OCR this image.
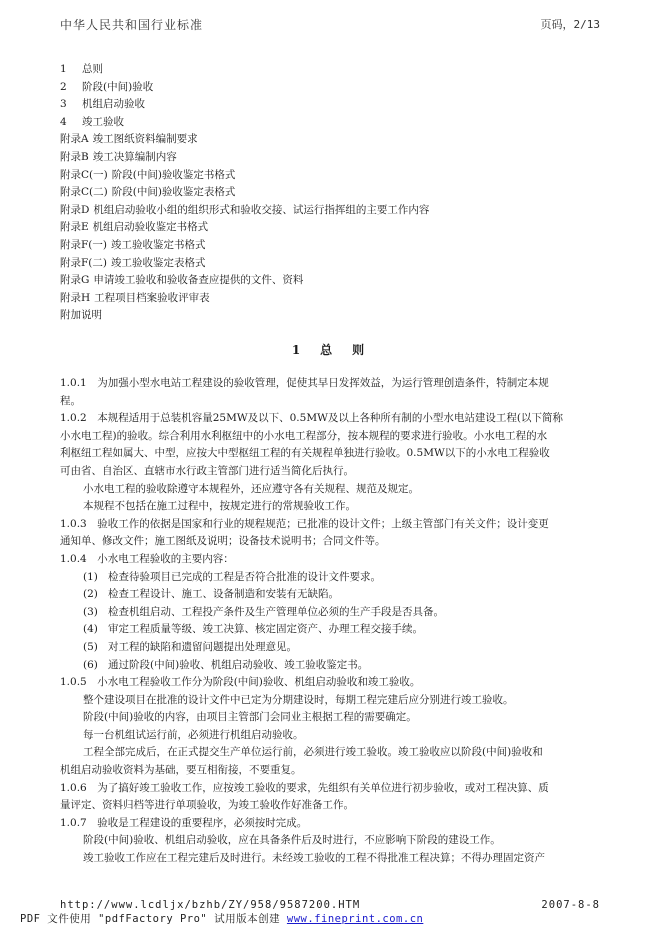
中华人民共和国行业标准	页码，2/13
1 总则
2 阶段(中间)验收
3 机组启动验收
4 竣工验收
附录A 竣工图纸资料编制要求
附录B 竣工决算编制内容
附录C(一) 阶段(中间)验收鉴定书格式
附录C(二) 阶段(中间)验收鉴定表格式
附录D 机组启动验收小组的组织形式和验收交接、试运行指挥组的主要工作内容
附录E 机组启动验收鉴定书格式
附录F(一) 竣工验收鉴定书格式
附录F(二) 竣工验收鉴定表格式
附录G 申请竣工验收和验收备查应提供的文件、资料
附录H 工程项目档案验收评审表
附加说明
1　总　则
1.0.1　为加强小型水电站工程建设的验收管理，促使其早日发挥效益，为运行管理创造条件，特制定本规
程。
1.0.2　本规程适用于总装机容量25MW及以下、0.5MW及以上各种所有制的小型水电站建设工程(以下简称
小水电工程)的验收。综合利用水利枢纽中的小水电工程部分，按本规程的要求进行验收。小水电工程的水
利枢纽工程如属大、中型，应按大中型枢纽工程的有关规程单独进行验收。0.5MW以下的小水电工程验收
可由省、自治区、直辖市水行政主管部门进行适当简化后执行。
小水电工程的验收除遵守本规程外，还应遵守各有关规程、规范及规定。
本规程不包括在施工过程中，按规定进行的常规验收工作。
1.0.3　验收工作的依据是国家和行业的规程规范；已批准的设计文件；上级主管部门有关文件；设计变更
通知单、修改文件；施工图纸及说明；设备技术说明书；合同文件等。
1.0.4　小水电工程验收的主要内容：
(1) 检查待验项目已完成的工程是否符合批准的设计文件要求。
(2) 检查工程设计、施工、设备制造和安装有无缺陷。
(3) 检查机组启动、工程投产条件及生产管理单位必须的生产手段是否具备。
(4) 审定工程质量等级、竣工决算、核定固定资产、办理工程交接手续。
(5) 对工程的缺陷和遗留问题提出处理意见。
(6) 通过阶段(中间)验收、机组启动验收、竣工验收鉴定书。
1.0.5　小水电工程验收工作分为阶段(中间)验收、机组启动验收和竣工验收。
整个建设项目在批准的设计文件中已定为分期建设时，每期工程完建后应分别进行竣工验收。
阶段(中间)验收的内容，由项目主管部门会同业主根据工程的需要确定。
每一台机组试运行前，必须进行机组启动验收。
工程全部完成后，在正式提交生产单位运行前，必须进行竣工验收。竣工验收应以阶段(中间)验收和
机组启动验收资料为基础，要互相衔接，不要重复。
1.0.6　为了搞好竣工验收工作，应按竣工验收的要求，先组织有关单位进行初步验收，或对工程决算、质
量评定、资料归档等进行单项验收，为竣工验收作好准备工作。
1.0.7　验收是工程建设的重要程序，必须按时完成。
阶段(中间)验收、机组启动验收，应在具备条件后及时进行，不应影响下阶段的建设工作。
竣工验收工作应在工程完建后及时进行。未经竣工验收的工程不得批准工程决算；不得办理固定资产
http://www.lcdljx/bzhb/ZY/958/9587200.HTM	2007-8-8
PDF 文件使用 "pdfFactory Pro" 试用版本创建 www.fineprint.com.cn
